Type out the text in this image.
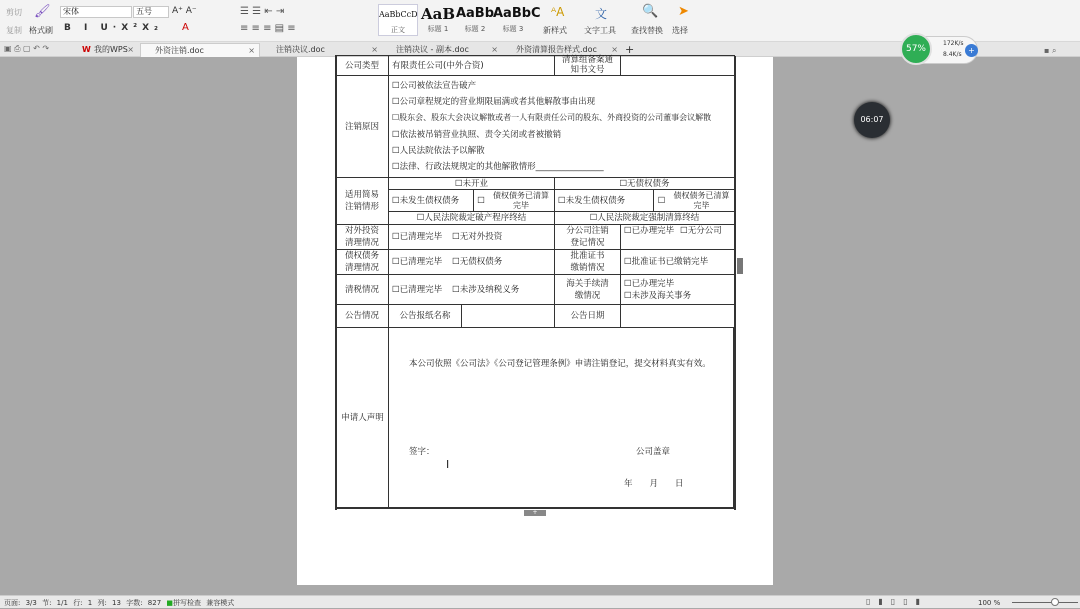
剪切
复制
🖌
格式刷
宋体	五号	A⁺ A⁻
B I U·X²X₂ A
☰ ☰ ⇤ ⇥
≡ ≡ ≡ ▤ ≡
AaBbCcD
正文
AaB
标题 1
AaBb
标题 2
AaBbC
标题 3
ᴬA
新样式
文
文字工具
🔍
查找替换
➤
选择
▣ ⎙ ▢ ↶ ↷	W 我的WPS ×	外资注销.doc	×	注销决议.doc	×	注销决议 - 副本.doc	×	外资清算报告样式.doc × +
公司类型	有限责任公司(中外合资)
清算组备案通知书文号
注销原因
☐公司被依法宣告破产
☐公司章程规定的营业期限届满或者其他解散事由出现
☐股东会、股东大会决议解散或者一人有限责任公司的股东、外商投资的公司董事会议解散
☐依法被吊销营业执照、责令关闭或者被撤销
☐人民法院依法予以解散
☐法律、行政法规规定的其他解散情形________________
适用简易注销情形
☐未开业	☐无债权债务
☐未发生债权债务	☐
债权债务已清算完毕	☐未发生债权债务	☐
债权债务已清算完毕
☐人民法院裁定破产程序终结	☐人民法院裁定强制清算终结
对外投资清理情况
☐已清理完毕 ☐无对外投资
分公司注销登记情况
☐已办理完毕 ☐无分公司
债权债务清理情况
☐已清理完毕 ☐无债权债务
批准证书缴销情况
☐批准证书已缴销完毕
清税情况	☐已清理完毕 ☐未涉及纳税义务
海关手续清缴情况
☐已办理完毕
☐未涉及海关事务
公告情况	公告报纸名称	公告日期
申请人声明
本公司依照《公司法》《公司登记管理条例》申请注销登记，提交材料真实有效。
签字：
I
公司盖章
年　　月　　日
+
06:07
172K/s
8.4K/s +
57%	▪ ⌕
页面: 3/3 节: 1/1 行: 1 列: 13 字数: 827 ■拼写检查 兼容模式	▯▮▯▯▮	100 %
